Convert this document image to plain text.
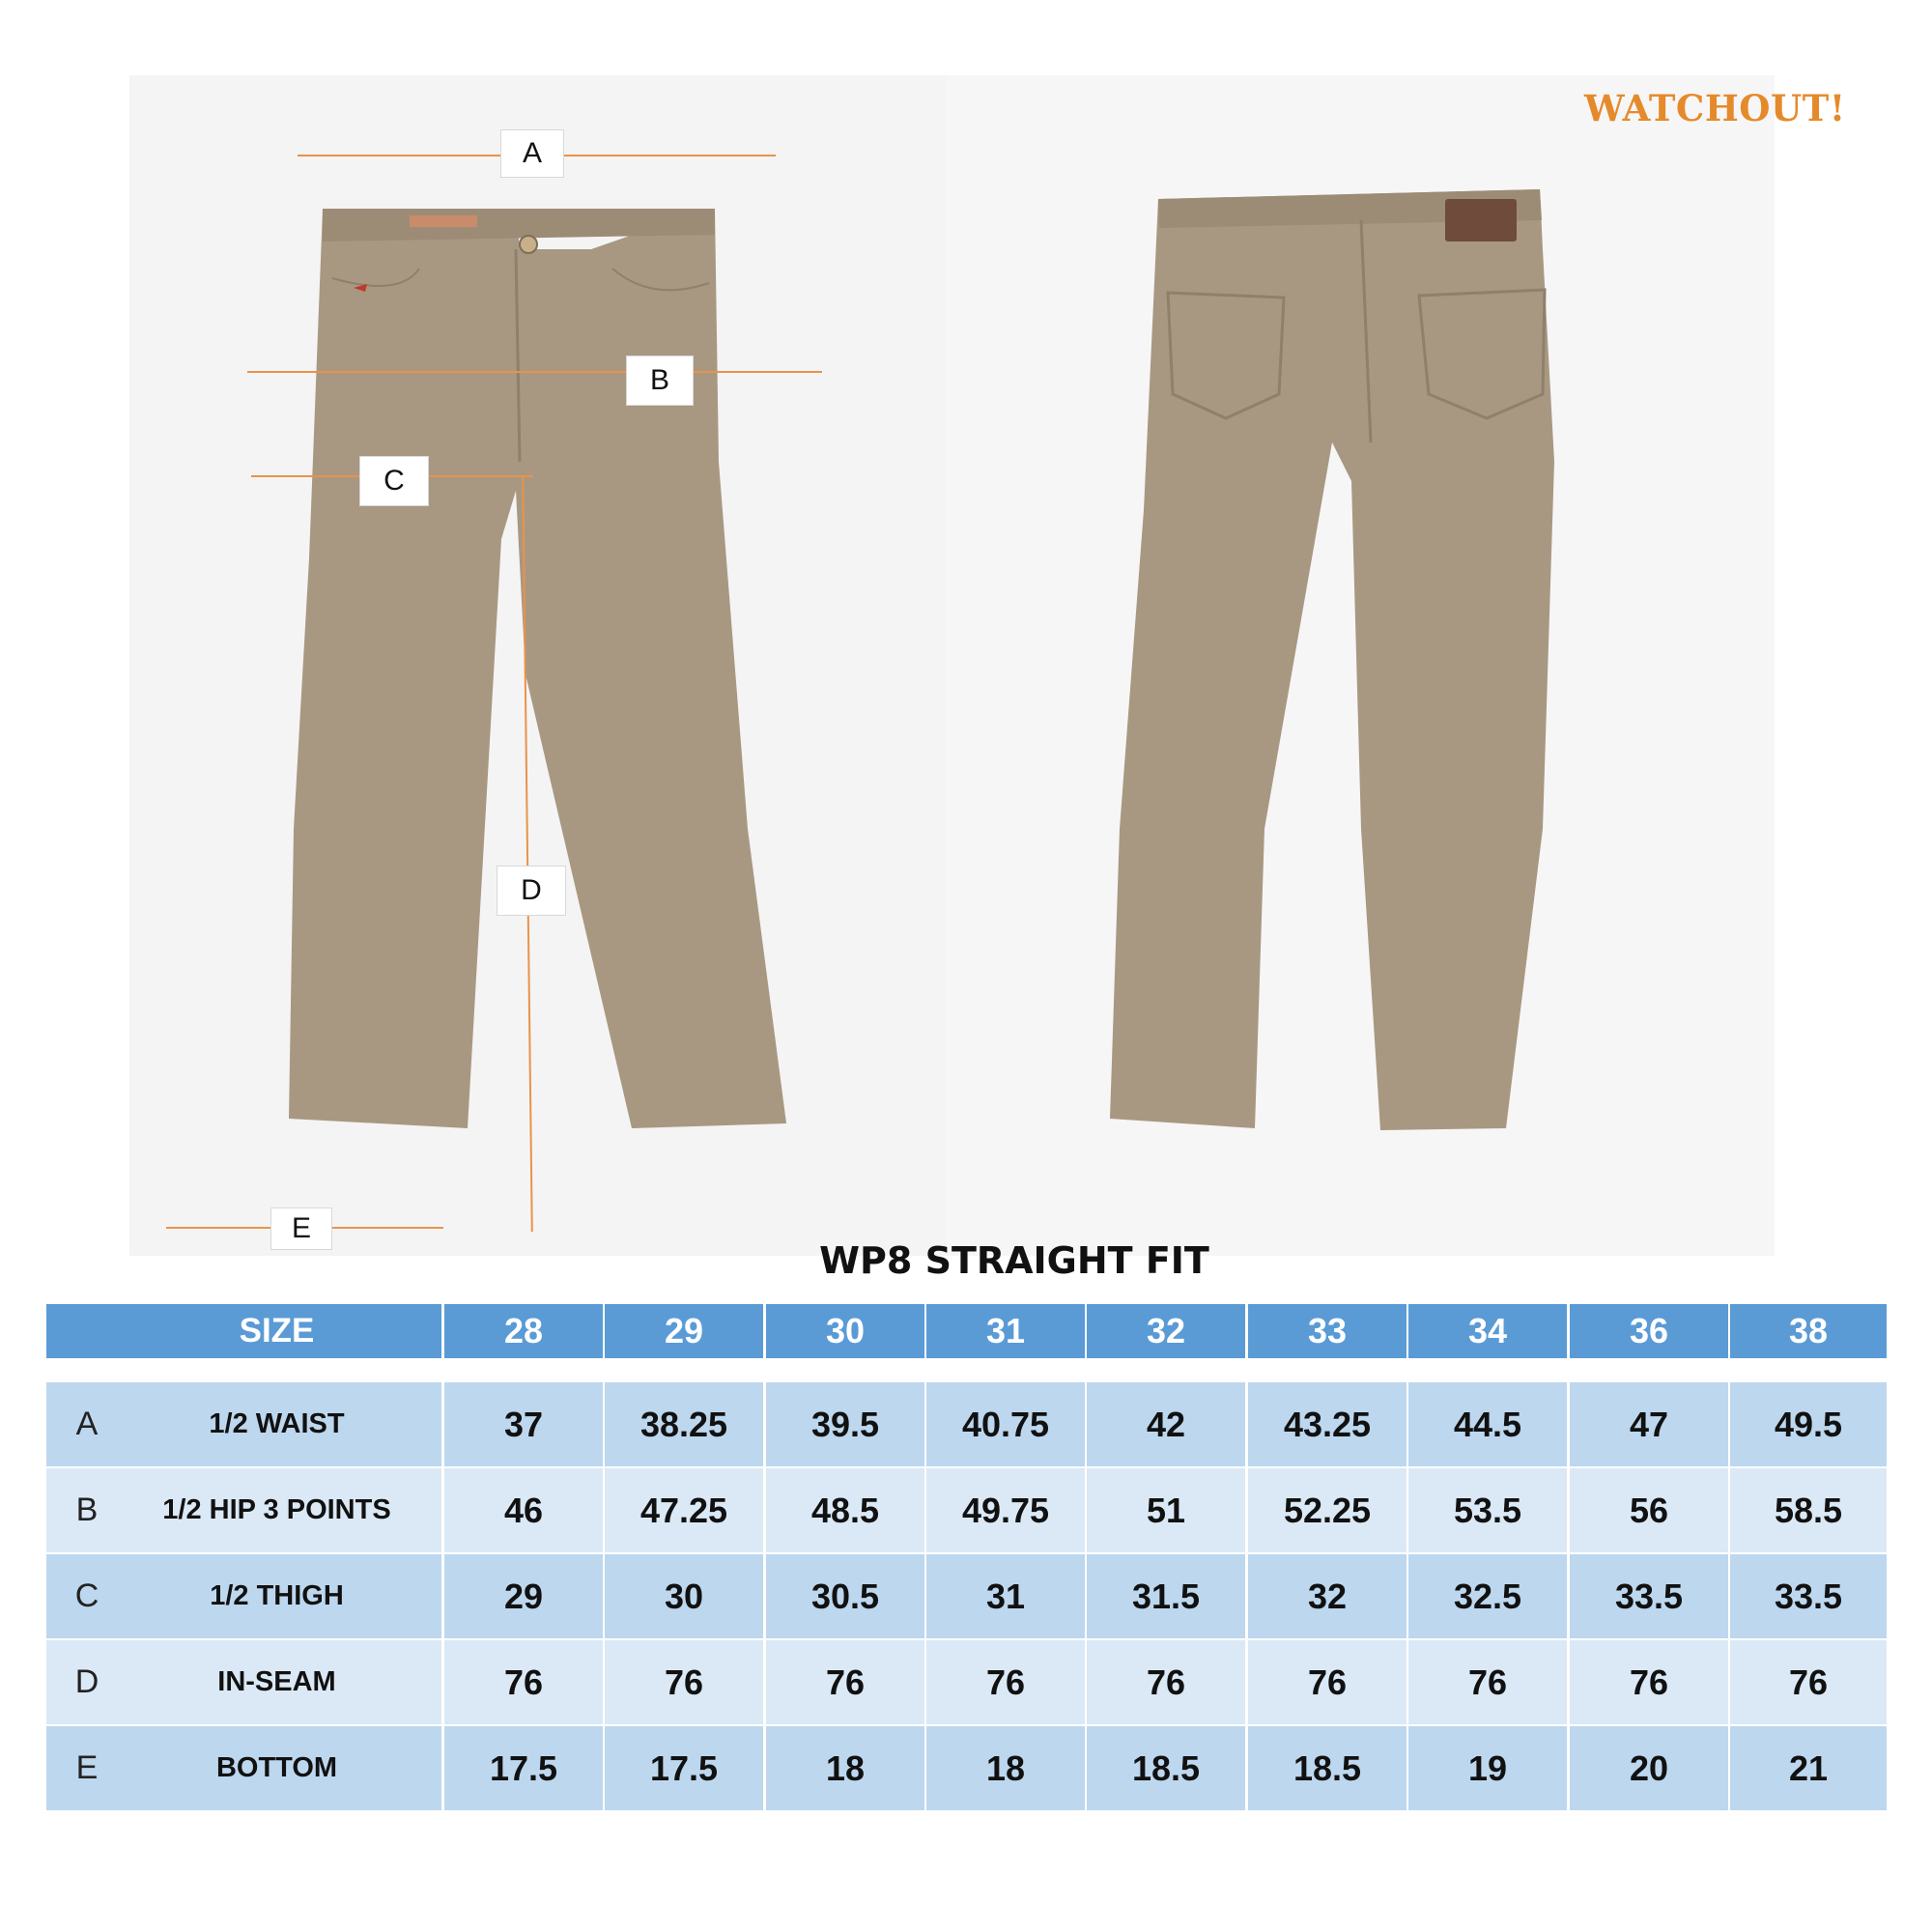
WATCHOUT!
A
B
C
D
E
WP8 STRAIGHT FIT
SIZE	28	29	30	31	32	33	34	36	38
A	1/2 WAIST	37	38.25	39.5	40.75	42	43.25	44.5	47	49.5
B	1/2 HIP 3 POINTS	46	47.25	48.5	49.75	51	52.25	53.5	56	58.5
C	1/2 THIGH	29	30	30.5	31	31.5	32	32.5	33.5	33.5
D	IN-SEAM	76	76	76	76	76	76	76	76	76
E	BOTTOM	17.5	17.5	18	18	18.5	18.5	19	20	21
